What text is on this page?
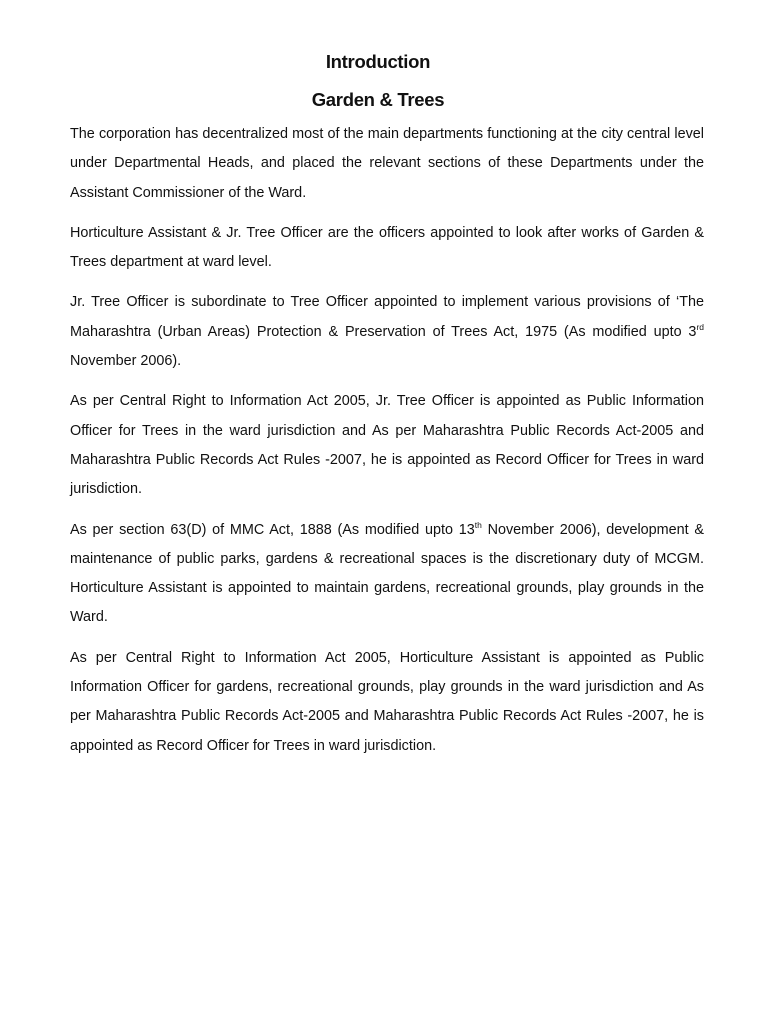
Introduction
Garden & Trees

The corporation has decentralized most of the main departments functioning at the city central level under Departmental Heads, and placed the relevant sections of these Departments under the Assistant Commissioner of the Ward.

Horticulture Assistant & Jr. Tree Officer are the officers appointed to look after works of Garden & Trees department at ward level.

Jr. Tree Officer is subordinate to Tree Officer appointed to implement various provisions of ‘The Maharashtra (Urban Areas) Protection & Preservation of Trees Act, 1975 (As modified upto 3rd November 2006).

As per Central Right to Information Act 2005, Jr. Tree Officer is appointed as Public Information Officer for Trees in the ward jurisdiction and As per Maharashtra Public Records Act-2005 and Maharashtra Public Records Act Rules -2007, he is appointed as Record Officer for Trees in ward jurisdiction.

As per section 63(D) of MMC Act, 1888 (As modified upto 13th November 2006), development & maintenance of public parks, gardens & recreational spaces is the discretionary duty of MCGM. Horticulture Assistant is appointed to maintain gardens, recreational grounds, play grounds in the Ward.

As per Central Right to Information Act 2005, Horticulture Assistant is appointed as Public Information Officer for gardens, recreational grounds, play grounds in the ward jurisdiction and As per Maharashtra Public Records Act-2005 and Maharashtra Public Records Act Rules -2007, he is appointed as Record Officer for Trees in ward jurisdiction.
